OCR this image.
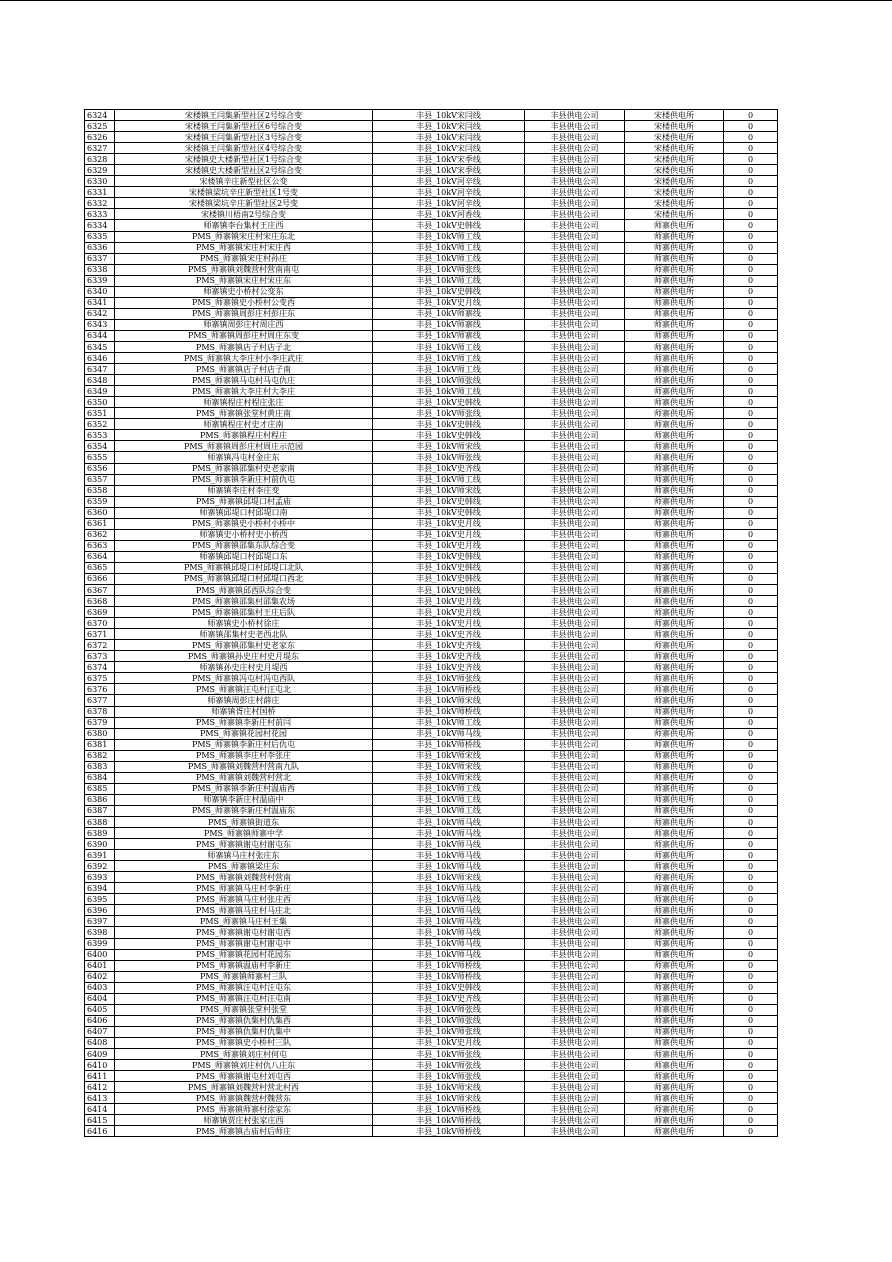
6324	宋楼镇王闫集新型社区2号综合变	丰县_10kV宋闫线	丰县供电公司	宋楼供电所	0
6325	宋楼镇王闫集新型社区6号综合变	丰县_10kV宋闫线	丰县供电公司	宋楼供电所	0
6326	宋楼镇王闫集新型社区3号综合变	丰县_10kV宋闫线	丰县供电公司	宋楼供电所	0
6327	宋楼镇王闫集新型社区4号综合变	丰县_10kV宋闫线	丰县供电公司	宋楼供电所	0
6328	宋楼镇史大楼新型社区1号综合变	丰县_10kV宋季线	丰县供电公司	宋楼供电所	0
6329	宋楼镇史大楼新型社区2号综合变	丰县_10kV宋季线	丰县供电公司	宋楼供电所	0
6330	宋楼镇辛庄新型社区公变	丰县_10kV河辛线	丰县供电公司	宋楼供电所	0
6331	宋楼镇梁坑辛庄新型社区1号变	丰县_10kV河辛线	丰县供电公司	宋楼供电所	0
6332	宋楼镇梁坑辛庄新型社区2号变	丰县_10kV河辛线	丰县供电公司	宋楼供电所	0
6333	宋楼镇川梧南2号综合变	丰县_10kV河香线	丰县供电公司	宋楼供电所	0
6334	师寨镇李台集村王庄西	丰县_10kV史韩线	丰县供电公司	师寨供电所	0
6335	PMS_师寨镇宋庄村宋庄东北	丰县_10kV师工线	丰县供电公司	师寨供电所	0
6336	PMS_师寨镇宋庄村宋庄西	丰县_10kV师工线	丰县供电公司	师寨供电所	0
6337	PMS_师寨镇宋庄村孙庄	丰县_10kV师工线	丰县供电公司	师寨供电所	0
6338	PMS_师寨镇刘魏营村营南南屯	丰县_10kV师张线	丰县供电公司	师寨供电所	0
6339	PMS_师寨镇宋庄村宋庄东	丰县_10kV师工线	丰县供电公司	师寨供电所	0
6340	师寨镇史小桥村公变东	丰县_10kV史韩线	丰县供电公司	师寨供电所	0
6341	PMS_师寨镇史小桥村公变西	丰县_10kV史月线	丰县供电公司	师寨供电所	0
6342	PMS_师寨镇周彭庄村彭庄东	丰县_10kV师寨线	丰县供电公司	师寨供电所	0
6343	师寨镇周彭庄村周庄西	丰县_10kV师寨线	丰县供电公司	师寨供电所	0
6344	PMS_师寨镇周彭庄村周庄东变	丰县_10kV师寨线	丰县供电公司	师寨供电所	0
6345	PMS_师寨镇店子村店子北	丰县_10kV师工线	丰县供电公司	师寨供电所	0
6346	PMS_师寨镇大李庄村小李庄武庄	丰县_10kV师工线	丰县供电公司	师寨供电所	0
6347	PMS_师寨镇店子村店子南	丰县_10kV师工线	丰县供电公司	师寨供电所	0
6348	PMS_师寨镇马屯村马屯仇庄	丰县_10kV师张线	丰县供电公司	师寨供电所	0
6349	PMS_师寨镇大李庄村大李庄	丰县_10kV师工线	丰县供电公司	师寨供电所	0
6350	师寨镇程庄村程庄张庄	丰县_10kV史韩线	丰县供电公司	师寨供电所	0
6351	PMS_师寨镇张堂村黄庄南	丰县_10kV师张线	丰县供电公司	师寨供电所	0
6352	师寨镇程庄村史才庄南	丰县_10kV史韩线	丰县供电公司	师寨供电所	0
6353	PMS_师寨镇程庄村程庄	丰县_10kV史韩线	丰县供电公司	师寨供电所	0
6354	PMS_师寨镇周彭庄村周庄示范园	丰县_10kV师宋线	丰县供电公司	师寨供电所	0
6355	师寨镇冯屯村金庄东	丰县_10kV师张线	丰县供电公司	师寨供电所	0
6356	PMS_师寨镇邵集村史老家南	丰县_10kV史齐线	丰县供电公司	师寨供电所	0
6357	PMS_师寨镇李新庄村前仇屯	丰县_10kV师工线	丰县供电公司	师寨供电所	0
6358	师寨镇李庄村李庄变	丰县_10kV师宋线	丰县供电公司	师寨供电所	0
6359	PMS_师寨镇邱堤口村孟庙	丰县_10kV史韩线	丰县供电公司	师寨供电所	0
6360	师寨镇邱堤口村邱堤口南	丰县_10kV史韩线	丰县供电公司	师寨供电所	0
6361	PMS_师寨镇史小桥村小桥中	丰县_10kV史月线	丰县供电公司	师寨供电所	0
6362	师寨镇史小桥村史小桥西	丰县_10kV史月线	丰县供电公司	师寨供电所	0
6363	PMS_师寨镇邵集东队综合变	丰县_10kV史月线	丰县供电公司	师寨供电所	0
6364	师寨镇邱堤口村邱堤口东	丰县_10kV史韩线	丰县供电公司	师寨供电所	0
6365	PMS_师寨镇邱堤口村邱堤口北队	丰县_10kV史韩线	丰县供电公司	师寨供电所	0
6366	PMS_师寨镇邱堤口村邱堤口西北	丰县_10kV史韩线	丰县供电公司	师寨供电所	0
6367	PMS_师寨镇邱西队综合变	丰县_10kV史韩线	丰县供电公司	师寨供电所	0
6368	PMS_师寨镇邵集村邵集农场	丰县_10kV史月线	丰县供电公司	师寨供电所	0
6369	PMS_师寨镇邵集村王庄后队	丰县_10kV史月线	丰县供电公司	师寨供电所	0
6370	师寨镇史小桥村徐庄	丰县_10kV史月线	丰县供电公司	师寨供电所	0
6371	师寨镇邵集村史老西北队	丰县_10kV史齐线	丰县供电公司	师寨供电所	0
6372	PMS_师寨镇邵集村史老家东	丰县_10kV史齐线	丰县供电公司	师寨供电所	0
6373	PMS_师寨镇孙史庄村史月堤东	丰县_10kV史齐线	丰县供电公司	师寨供电所	0
6374	师寨镇孙史庄村史月堤西	丰县_10kV史齐线	丰县供电公司	师寨供电所	0
6375	PMS_师寨镇冯屯村冯屯西队	丰县_10kV师张线	丰县供电公司	师寨供电所	0
6376	PMS_师寨镇汪屯村汪屯北	丰县_10kV师桥线	丰县供电公司	师寨供电所	0
6377	师寨镇周彭庄村薛庄	丰县_10kV师宋线	丰县供电公司	师寨供电所	0
6378	师寨镇胥庄村国桥	丰县_10kV师桥线	丰县供电公司	师寨供电所	0
6379	PMS_师寨镇李新庄村前闫	丰县_10kV师工线	丰县供电公司	师寨供电所	0
6380	PMS_师寨镇花园村花园	丰县_10kV师马线	丰县供电公司	师寨供电所	0
6381	PMS_师寨镇李新庄村后仇屯	丰县_10kV师桥线	丰县供电公司	师寨供电所	0
6382	PMS_师寨镇李庄村李张庄	丰县_10kV师宋线	丰县供电公司	师寨供电所	0
6383	PMS_师寨镇刘魏营村营南九队	丰县_10kV师宋线	丰县供电公司	师寨供电所	0
6384	PMS_师寨镇刘魏营村营北	丰县_10kV师宋线	丰县供电公司	师寨供电所	0
6385	PMS_师寨镇李新庄村温庙西	丰县_10kV师工线	丰县供电公司	师寨供电所	0
6386	师寨镇李新庄村温庙中	丰县_10kV师工线	丰县供电公司	师寨供电所	0
6387	PMS_师寨镇李新庄村温庙东	丰县_10kV师工线	丰县供电公司	师寨供电所	0
6388	PMS_师寨镇街道东	丰县_10kV师马线	丰县供电公司	师寨供电所	0
6389	PMS_师寨镇师寨中学	丰县_10kV师马线	丰县供电公司	师寨供电所	0
6390	PMS_师寨镇谢屯村谢屯东	丰县_10kV师马线	丰县供电公司	师寨供电所	0
6391	师寨镇马庄村张庄东	丰县_10kV师马线	丰县供电公司	师寨供电所	0
6392	PMS_师寨镇梁庄东	丰县_10kV师马线	丰县供电公司	师寨供电所	0
6393	PMS_师寨镇刘魏营村营南	丰县_10kV师宋线	丰县供电公司	师寨供电所	0
6394	PMS_师寨镇马庄村李新庄	丰县_10kV师马线	丰县供电公司	师寨供电所	0
6395	PMS_师寨镇马庄村张庄西	丰县_10kV师马线	丰县供电公司	师寨供电所	0
6396	PMS_师寨镇马庄村马庄北	丰县_10kV师马线	丰县供电公司	师寨供电所	0
6397	PMS_师寨镇马庄村王集	丰县_10kV师马线	丰县供电公司	师寨供电所	0
6398	PMS_师寨镇谢屯村谢屯西	丰县_10kV师马线	丰县供电公司	师寨供电所	0
6399	PMS_师寨镇谢屯村谢屯中	丰县_10kV师马线	丰县供电公司	师寨供电所	0
6400	PMS_师寨镇花园村花园东	丰县_10kV师马线	丰县供电公司	师寨供电所	0
6401	PMS_师寨镇温庙村李新庄	丰县_10kV师桥线	丰县供电公司	师寨供电所	0
6402	PMS_师寨镇师寨村三队	丰县_10kV师桥线	丰县供电公司	师寨供电所	0
6403	PMS_师寨镇汪屯村汪屯东	丰县_10kV史韩线	丰县供电公司	师寨供电所	0
6404	PMS_师寨镇汪屯村汪屯南	丰县_10kV史齐线	丰县供电公司	师寨供电所	0
6405	PMS_师寨镇张堂村张堂	丰县_10kV师张线	丰县供电公司	师寨供电所	0
6406	PMS_师寨镇仇集村仇集西	丰县_10kV师张线	丰县供电公司	师寨供电所	0
6407	PMS_师寨镇仇集村仇集中	丰县_10kV师张线	丰县供电公司	师寨供电所	0
6408	PMS_师寨镇史小桥村三队	丰县_10kV史月线	丰县供电公司	师寨供电所	0
6409	PMS_师寨镇刘庄村何屯	丰县_10kV师张线	丰县供电公司	师寨供电所	0
6410	PMS_师寨镇刘庄村仇八庄东	丰县_10kV师张线	丰县供电公司	师寨供电所	0
6411	PMS_师寨镇谢屯村刘屯西	丰县_10kV师张线	丰县供电公司	师寨供电所	0
6412	PMS_师寨镇刘魏营村营北村西	丰县_10kV师宋线	丰县供电公司	师寨供电所	0
6413	PMS_师寨镇魏营村魏营东	丰县_10kV师宋线	丰县供电公司	师寨供电所	0
6414	PMS_师寨镇师寨村徐家东	丰县_10kV师桥线	丰县供电公司	师寨供电所	0
6415	师寨镇贾庄村张家庄西	丰县_10kV师桥线	丰县供电公司	师寨供电所	0
6416	PMS_师寨镇古庙村后师庄	丰县_10kV师桥线	丰县供电公司	师寨供电所	0
